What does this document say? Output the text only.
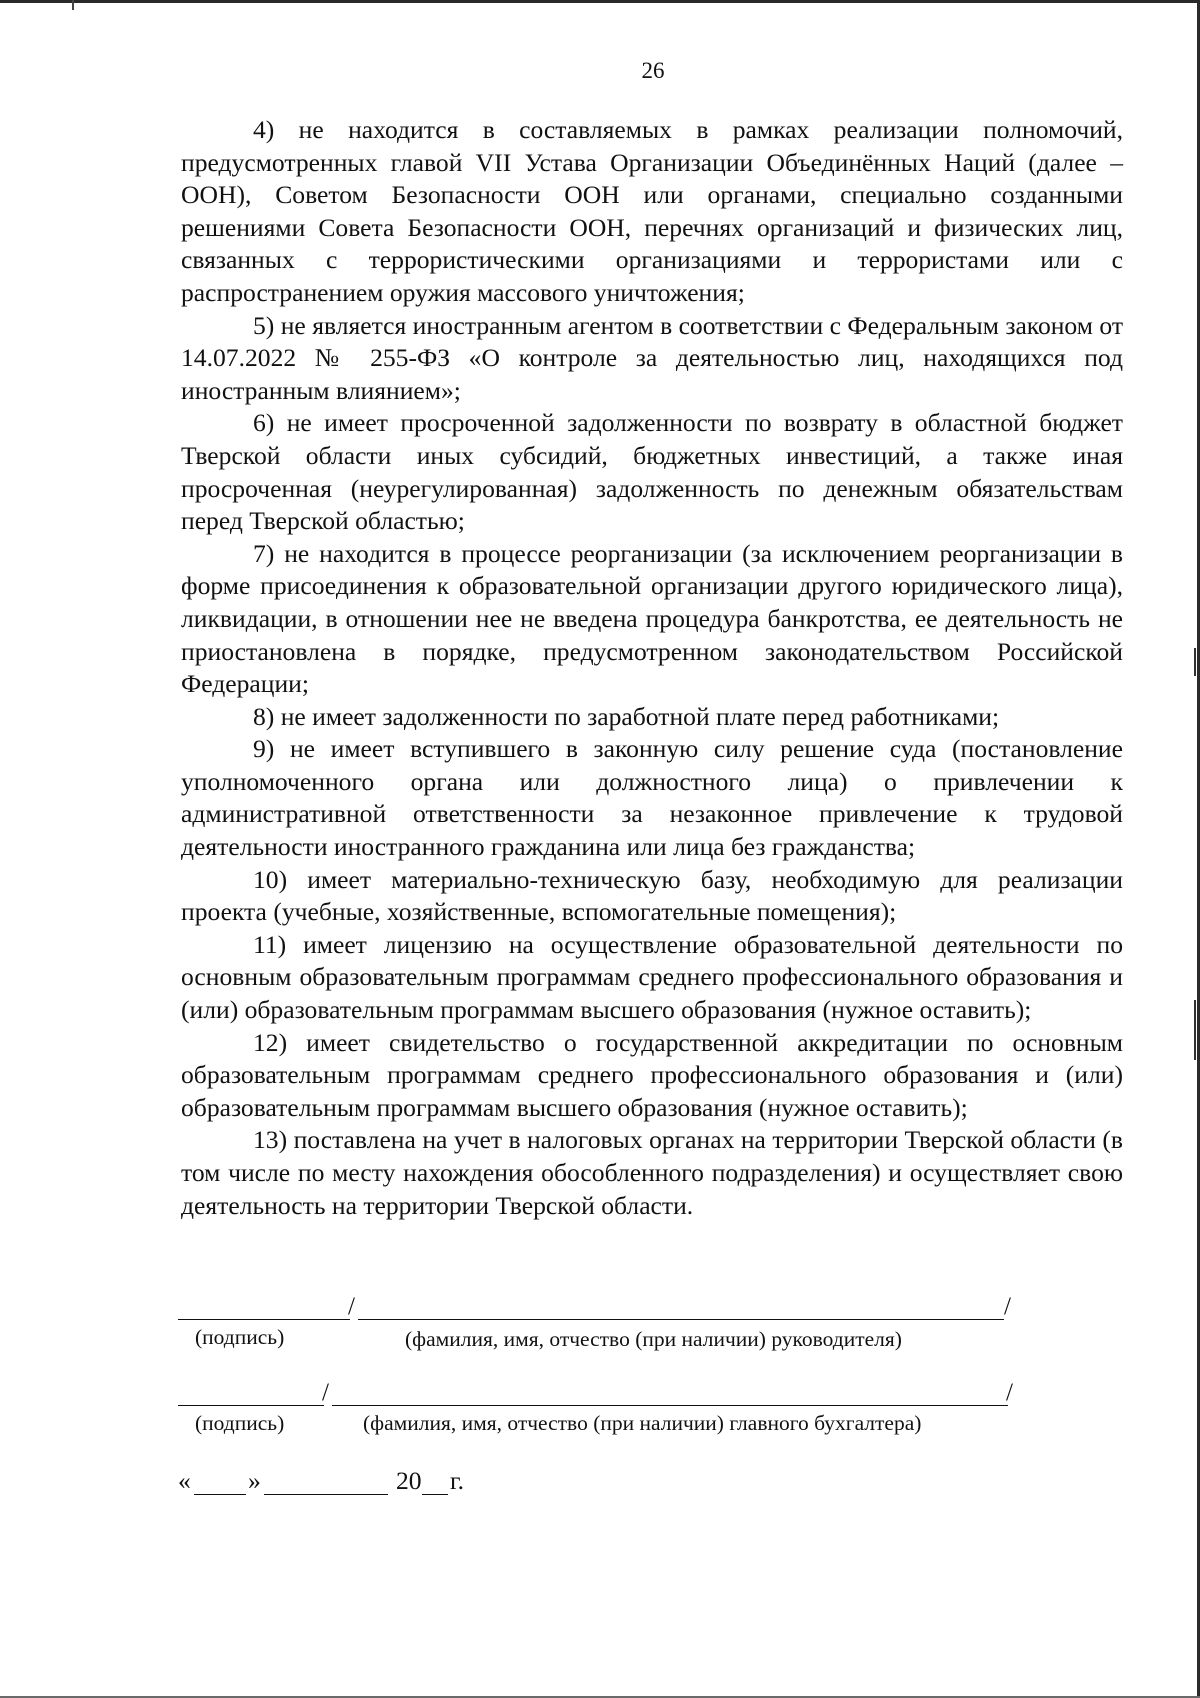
26

4) не находится в составляемых в рамках реализации полномочий, предусмотренных главой VII Устава Организации Объединённых Наций (далее – ООН), Советом Безопасности ООН или органами, специально созданными решениями Совета Безопасности ООН, перечнях организаций и физических лиц, связанных с террористическими организациями и террористами или с распространением оружия массового уничтожения;

5) не является иностранным агентом в соответствии с Федеральным законом от 14.07.2022 № 255-ФЗ «О контроле за деятельностью лиц, находящихся под иностранным влиянием»;

6) не имеет просроченной задолженности по возврату в областной бюджет Тверской области иных субсидий, бюджетных инвестиций, а также иная просроченная (неурегулированная) задолженность по денежным обязательствам перед Тверской областью;

7) не находится в процессе реорганизации (за исключением реорганизации в форме присоединения к образовательной организации другого юридического лица), ликвидации, в отношении нее не введена процедура банкротства, ее деятельность не приостановлена в порядке, предусмотренном законодательством Российской Федерации;

8) не имеет задолженности по заработной плате перед работниками;

9) не имеет вступившего в законную силу решение суда (постановление уполномоченного органа или должностного лица) о привлечении к административной ответственности за незаконное привлечение к трудовой деятельности иностранного гражданина или лица без гражданства;

10) имеет материально-техническую базу, необходимую для реализации проекта (учебные, хозяйственные, вспомогательные помещения);

11) имеет лицензию на осуществление образовательной деятельности по основным образовательным программам среднего профессионального образования и (или) образовательным программам высшего образования (нужное оставить);

12) имеет свидетельство о государственной аккредитации по основным образовательным программам среднего профессионального образования и (или) образовательным программам высшего образования (нужное оставить);

13) поставлена на учет в налоговых органах на территории Тверской области (в том числе по месту нахождения обособленного подразделения) и осуществляет свою деятельность на территории Тверской области.

/	/
(подпись)	(фамилия, имя, отчество (при наличии) руководителя)
/	/
(подпись)	(фамилия, имя, отчество (при наличии) главного бухгалтера)
« »	20 г.
